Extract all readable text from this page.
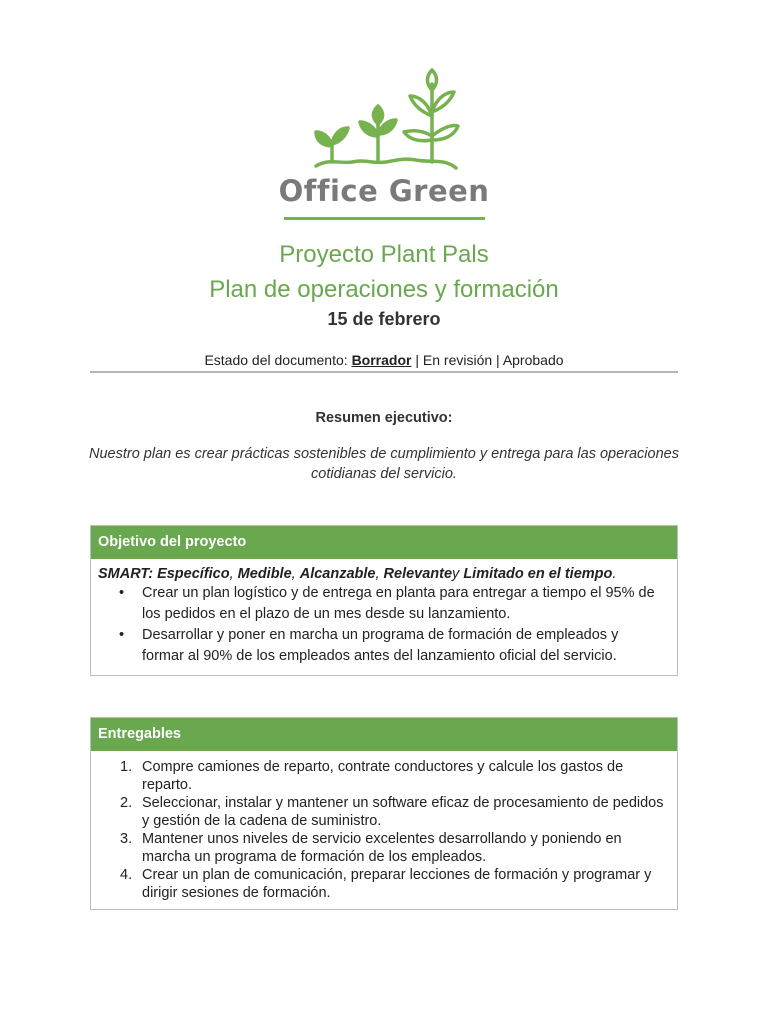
Office Green
Proyecto Plant Pals
Plan de operaciones y formación
15 de febrero
Estado del documento: Borrador | En revisión | Aprobado
Resumen ejecutivo:
Nuestro plan es crear prácticas sostenibles de cumplimiento y entrega para las operaciones cotidianas del servicio.
Objetivo del proyecto
SMART: Específico, Medible, Alcanzable, Relevantey Limitado en el tiempo.
• Crear un plan logístico y de entrega en planta para entregar a tiempo el 95% de los pedidos en el plazo de un mes desde su lanzamiento.
• Desarrollar y poner en marcha un programa de formación de empleados y formar al 90% de los empleados antes del lanzamiento oficial del servicio.
Entregables
1. Compre camiones de reparto, contrate conductores y calcule los gastos de reparto.
2. Seleccionar, instalar y mantener un software eficaz de procesamiento de pedidos y gestión de la cadena de suministro.
3. Mantener unos niveles de servicio excelentes desarrollando y poniendo en marcha un programa de formación de los empleados.
4. Crear un plan de comunicación, preparar lecciones de formación y programar y dirigir sesiones de formación.
